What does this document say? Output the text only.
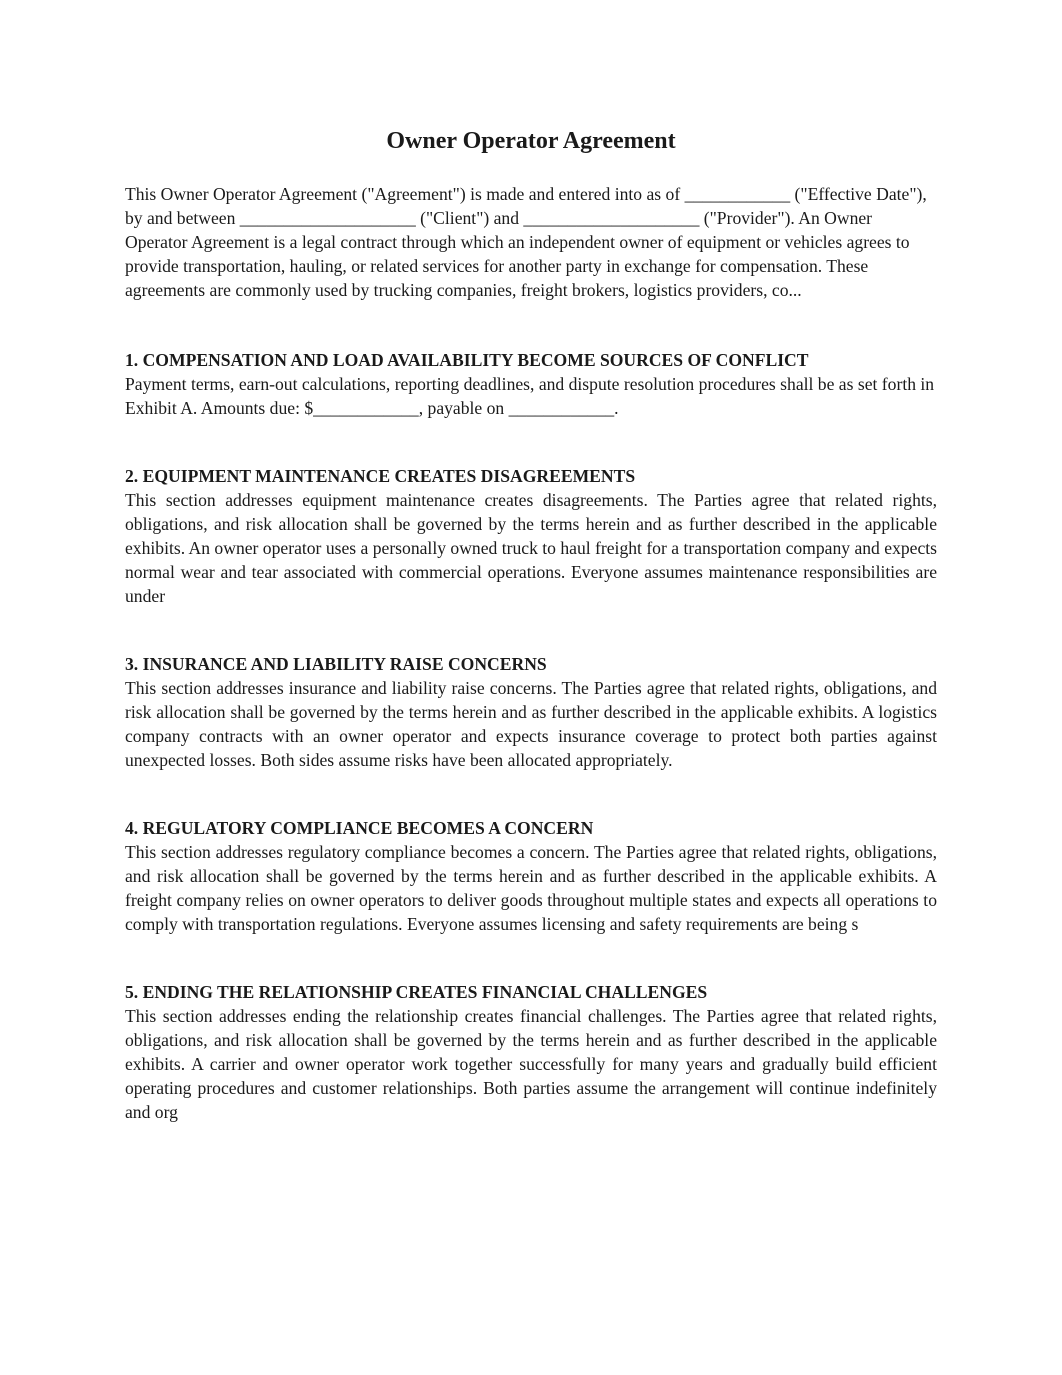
Owner Operator Agreement

This Owner Operator Agreement ("Agreement") is made and entered into as of ____________ ("Effective Date"), by and between ____________________ ("Client") and ____________________ ("Provider"). An Owner Operator Agreement is a legal contract through which an independent owner of equipment or vehicles agrees to provide transportation, hauling, or related services for another party in exchange for compensation. These agreements are commonly used by trucking companies, freight brokers, logistics providers, co...

1. COMPENSATION AND LOAD AVAILABILITY BECOME SOURCES OF CONFLICT

Payment terms, earn-out calculations, reporting deadlines, and dispute resolution procedures shall be as set forth in Exhibit A. Amounts due: $____________, payable on ____________.

2. EQUIPMENT MAINTENANCE CREATES DISAGREEMENTS

This section addresses equipment maintenance creates disagreements. The Parties agree that related rights, obligations, and risk allocation shall be governed by the terms herein and as further described in the applicable exhibits. An owner operator uses a personally owned truck to haul freight for a transportation company and expects normal wear and tear associated with commercial operations. Everyone assumes maintenance responsibilities are under

3. INSURANCE AND LIABILITY RAISE CONCERNS

This section addresses insurance and liability raise concerns. The Parties agree that related rights, obligations, and risk allocation shall be governed by the terms herein and as further described in the applicable exhibits. A logistics company contracts with an owner operator and expects insurance coverage to protect both parties against unexpected losses. Both sides assume risks have been allocated appropriately.

4. REGULATORY COMPLIANCE BECOMES A CONCERN

This section addresses regulatory compliance becomes a concern. The Parties agree that related rights, obligations, and risk allocation shall be governed by the terms herein and as further described in the applicable exhibits. A freight company relies on owner operators to deliver goods throughout multiple states and expects all operations to comply with transportation regulations. Everyone assumes licensing and safety requirements are being s

5. ENDING THE RELATIONSHIP CREATES FINANCIAL CHALLENGES

This section addresses ending the relationship creates financial challenges. The Parties agree that related rights, obligations, and risk allocation shall be governed by the terms herein and as further described in the applicable exhibits. A carrier and owner operator work together successfully for many years and gradually build efficient operating procedures and customer relationships. Both parties assume the arrangement will continue indefinitely and org
